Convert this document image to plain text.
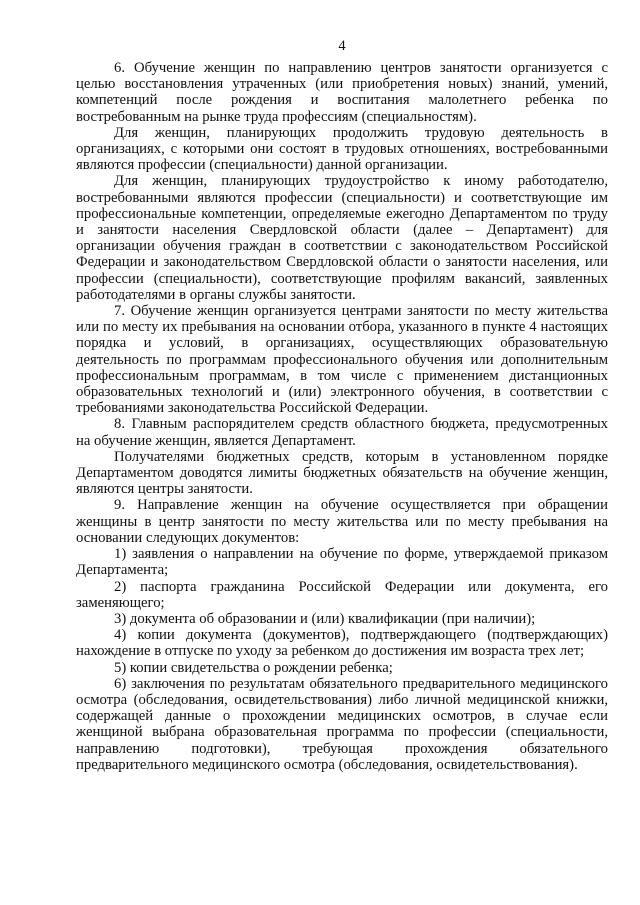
4

6. Обучение женщин по направлению центров занятости организуется с целью восстановления утраченных (или приобретения новых) знаний, умений, компетенций после рождения и воспитания малолетнего ребенка по востребованным на рынке труда профессиям (специальностям).

Для женщин, планирующих продолжить трудовую деятельность в организациях, с которыми они состоят в трудовых отношениях, востребованными являются профессии (специальности) данной организации.

Для женщин, планирующих трудоустройство к иному работодателю, востребованными являются профессии (специальности) и соответствующие им профессиональные компетенции, определяемые ежегодно Департаментом по труду и занятости населения Свердловской области (далее – Департамент) для организации обучения граждан в соответствии с законодательством Российской Федерации и законодательством Свердловской области о занятости населения, или профессии (специальности), соответствующие профилям вакансий, заявленных работодателями в органы службы занятости.

7. Обучение женщин организуется центрами занятости по месту жительства или по месту их пребывания на основании отбора, указанного в пункте 4 настоящих порядка и условий, в организациях, осуществляющих образовательную деятельность по программам профессионального обучения или дополнительным профессиональным программам, в том числе с применением дистанционных образовательных технологий и (или) электронного обучения, в соответствии с требованиями законодательства Российской Федерации.

8. Главным распорядителем средств областного бюджета, предусмотренных на обучение женщин, является Департамент.

Получателями бюджетных средств, которым в установленном порядке Департаментом доводятся лимиты бюджетных обязательств на обучение женщин, являются центры занятости.

9. Направление женщин на обучение осуществляется при обращении женщины в центр занятости по месту жительства или по месту пребывания на основании следующих документов:

1) заявления о направлении на обучение по форме, утверждаемой приказом Департамента;

2) паспорта гражданина Российской Федерации или документа, его заменяющего;

3) документа об образовании и (или) квалификации (при наличии);

4) копии документа (документов), подтверждающего (подтверждающих) нахождение в отпуске по уходу за ребенком до достижения им возраста трех лет;

5) копии свидетельства о рождении ребенка;

6) заключения по результатам обязательного предварительного медицинского осмотра (обследования, освидетельствования) либо личной медицинской книжки, содержащей данные о прохождении медицинских осмотров, в случае если женщиной выбрана образовательная программа по профессии (специальности, направлению подготовки), требующая прохождения обязательного предварительного медицинского осмотра (обследования, освидетельствования).
